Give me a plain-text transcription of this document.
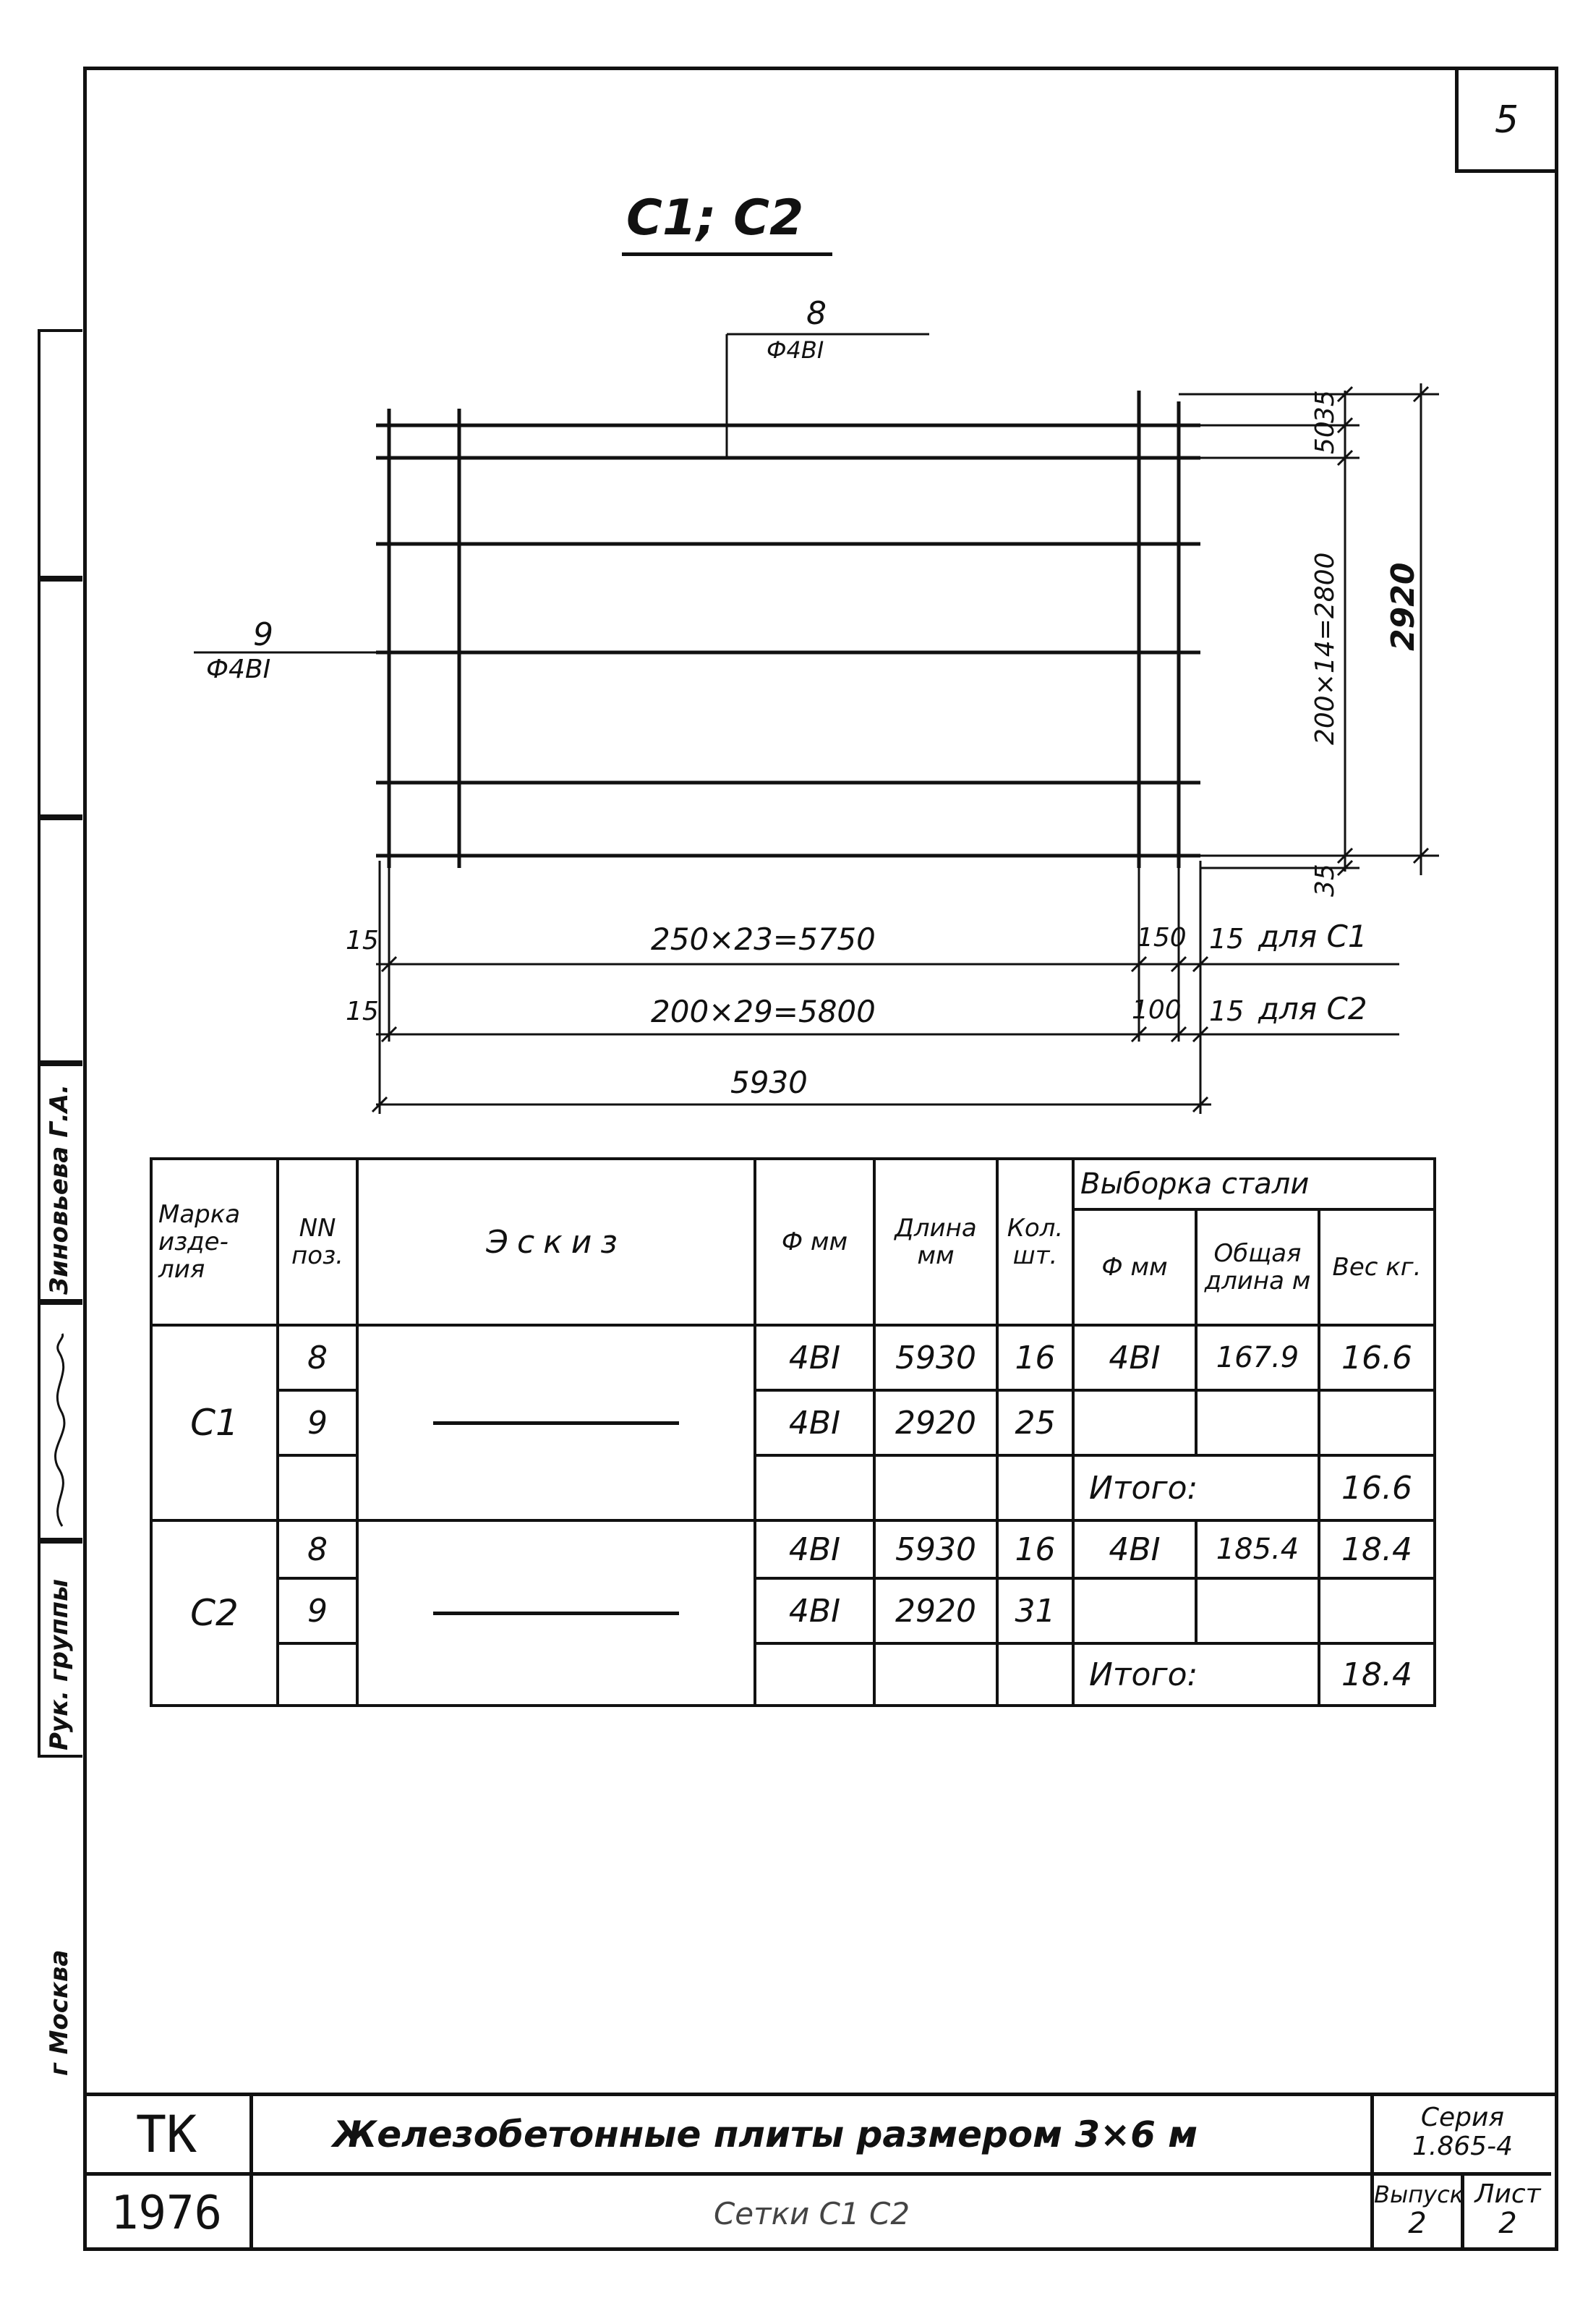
5
C1; C2
8
Ф4ВI
9
Ф4ВI
35
50
200×14=2800 2920
35
15	250×23=5750	150 15 для С1
15	200×29=5800	100 15 для С2
5930
Марка изде- лия	NN поз.	Эскиз	Ф мм	Длина мм	Кол. шт.	Выборка стали		
						Ф мм	Общая длина м	Вес кг.
С1	8		4ВI	5930	16	4ВI	167.9	16.6
	9		4ВI	2920	25			
						Итого:		16.6
С2	8		4ВI	5930	16	4ВI	185.4	18.4
	9		4ВI	2920	31			
						Итого:		18.4
Зиновьева Г.А.
Рук. группы
г Москва
ТК
1976
Железобетонные плиты размером 3×6 м
Сетки С1 С2
Серия
1.865-4
Выпуск
2
Лист
2
